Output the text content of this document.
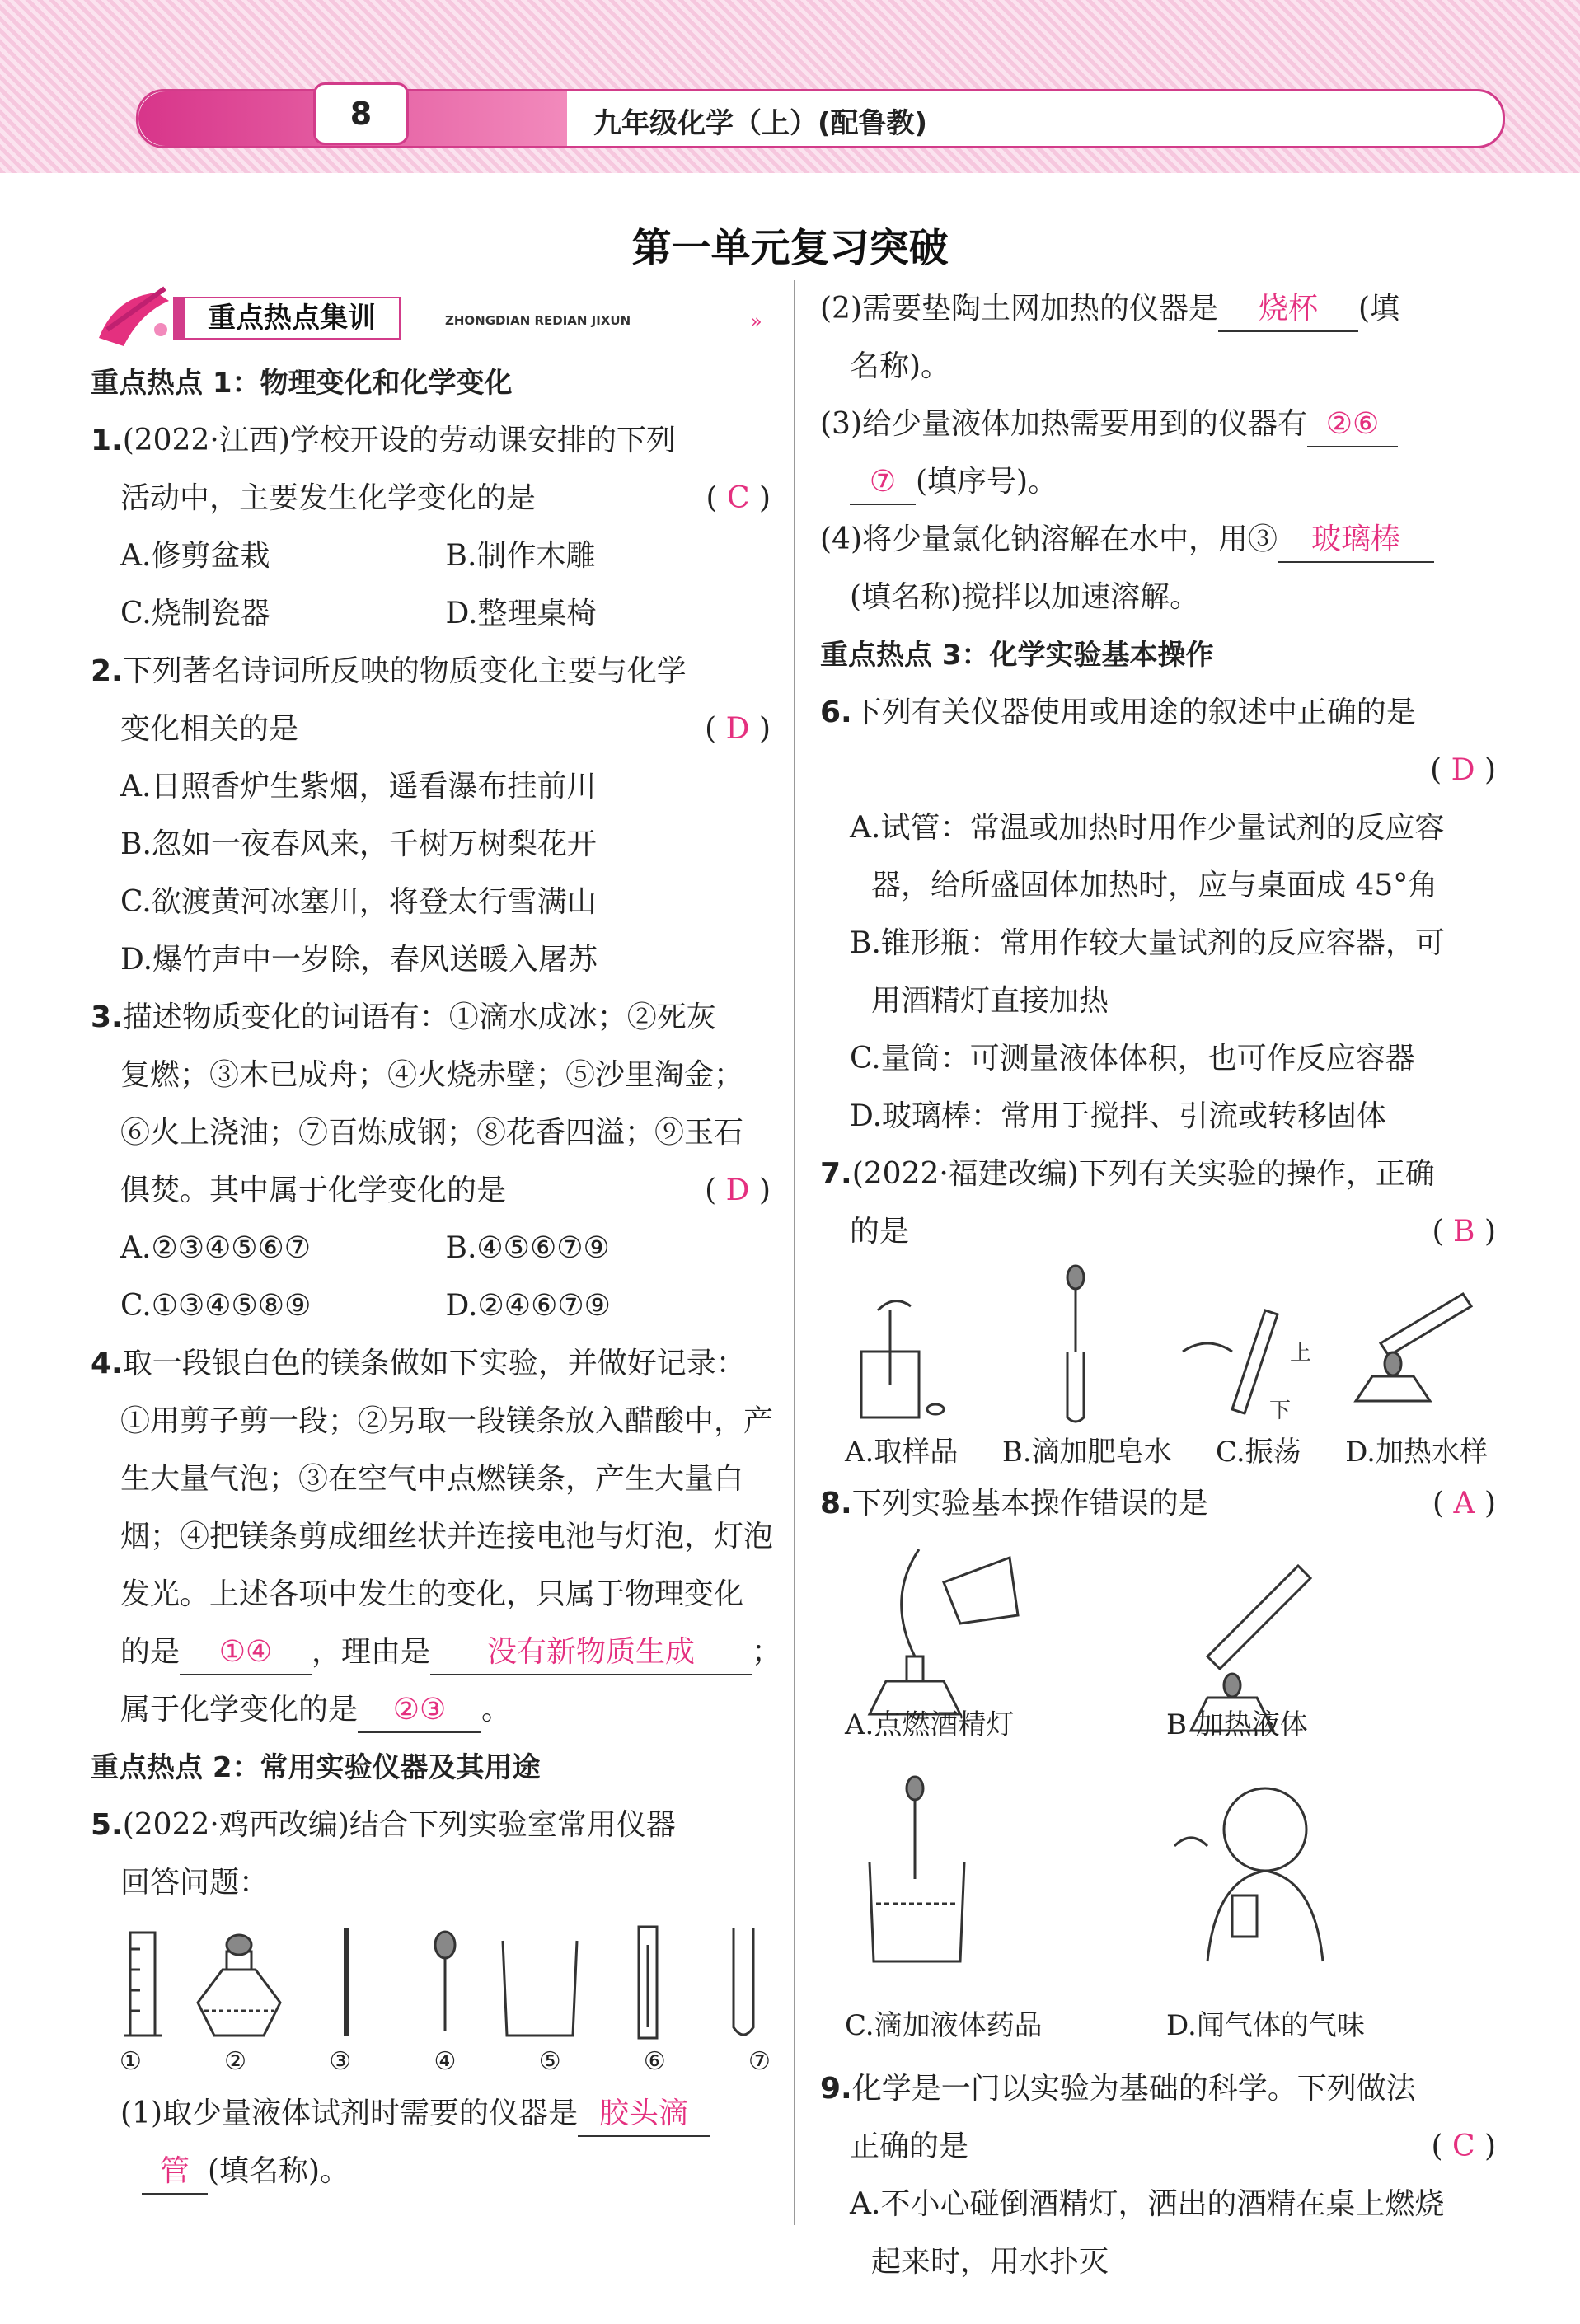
8	九年级化学（上）(配鲁教)
第一单元复习突破
重点热点集训	ZHONGDIAN REDIAN JIXUN	»
重点热点 1：物理变化和化学变化
1.(2022·江西)学校开设的劳动课安排的下列
活动中，主要发生化学变化的是	( C )
A.修剪盆栽	B.制作木雕
C.烧制瓷器	D.整理桌椅
2.下列著名诗词所反映的物质变化主要与化学
变化相关的是	( D )
A.日照香炉生紫烟，遥看瀑布挂前川
B.忽如一夜春风来，千树万树梨花开
C.欲渡黄河冰塞川，将登太行雪满山
D.爆竹声中一岁除，春风送暖入屠苏
3.描述物质变化的词语有：①滴水成冰；②死灰
复燃；③木已成舟；④火烧赤壁；⑤沙里淘金；
⑥火上浇油；⑦百炼成钢；⑧花香四溢；⑨玉石
俱焚。其中属于化学变化的是	( D )
A.②③④⑤⑥⑦	B.④⑤⑥⑦⑨
C.①③④⑤⑧⑨	D.②④⑥⑦⑨
4.取一段银白色的镁条做如下实验，并做好记录：
①用剪子剪一段；②另取一段镁条放入醋酸中，产
生大量气泡；③在空气中点燃镁条，产生大量白
烟；④把镁条剪成细丝状并连接电池与灯泡，灯泡
发光。上述各项中发生的变化，只属于物理变化
的是 ①④ ，理由是 没有新物质生成 ；
属于化学变化的是 ②③ 。
重点热点 2：常用实验仪器及其用途
5.(2022·鸡西改编)结合下列实验室常用仪器
回答问题：
①	②	③	④	⑤	⑥	⑦
(1)取少量液体试剂时需要的仪器是 胶头滴
管 (填名称)。
(2)需要垫陶土网加热的仪器是 烧杯 (填
名称)。
(3)给少量液体加热需要用到的仪器有 ②⑥
⑦ (填序号)。
(4)将少量氯化钠溶解在水中，用③ 玻璃棒
(填名称)搅拌以加速溶解。
重点热点 3：化学实验基本操作
6.下列有关仪器使用或用途的叙述中正确的是
( D )
A.试管：常温或加热时用作少量试剂的反应容
器，给所盛固体加热时，应与桌面成 45°角
B.锥形瓶：常用作较大量试剂的反应容器，可
用酒精灯直接加热
C.量筒：可测量液体体积，也可作反应容器
D.玻璃棒：常用于搅拌、引流或转移固体
7.(2022·福建改编)下列有关实验的操作，正确
的是	( B )
上
下
A.取样品 B.滴加肥皂水 C.振荡 D.加热水样
8.下列实验基本操作错误的是	( A )
A.点燃酒精灯	B 加热液体
C.滴加液体药品	D.闻气体的气味
9.化学是一门以实验为基础的科学。下列做法
正确的是	( C )
A.不小心碰倒酒精灯，洒出的酒精在桌上燃烧
起来时，用水扑灭
